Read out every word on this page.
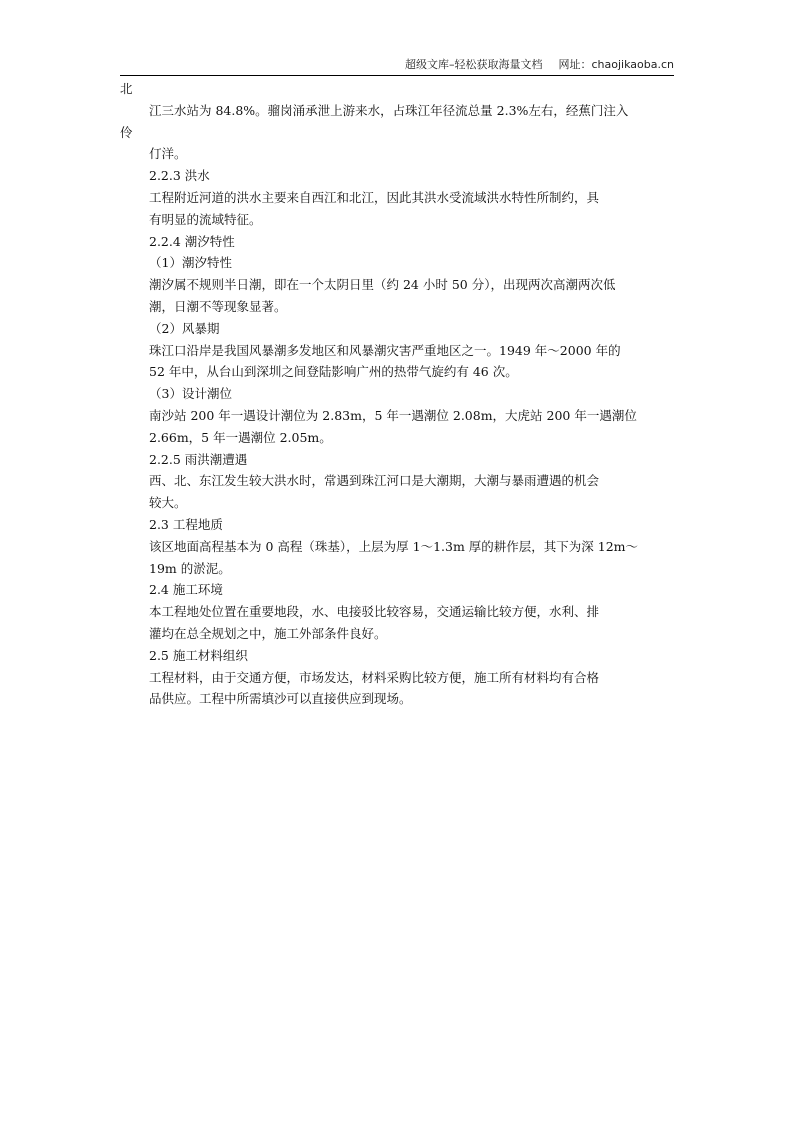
超级文库–轻松获取海量文档 网址：chaojikaoba.cn
北
江三水站为 84.8%。骝岗涌承泄上游来水，占珠江年径流总量 2.3%左右，经蕉门注入
伶
仃洋。
2.2.3 洪水
工程附近河道的洪水主要来自西江和北江，因此其洪水受流域洪水特性所制约，具
有明显的流域特征。
2.2.4 潮汐特性
（1）潮汐特性
潮汐属不规则半日潮，即在一个太阴日里（约 24 小时 50 分），出现两次高潮两次低
潮，日潮不等现象显著。
（2）风暴期
珠江口沿岸是我国风暴潮多发地区和风暴潮灾害严重地区之一。1949 年～2000 年的
52 年中，从台山到深圳之间登陆影响广州的热带气旋约有 46 次。
（3）设计潮位
南沙站 200 年一遇设计潮位为 2.83m，5 年一遇潮位 2.08m，大虎站 200 年一遇潮位
2.66m，5 年一遇潮位 2.05m。
2.2.5 雨洪潮遭遇
西、北、东江发生较大洪水时，常遇到珠江河口是大潮期，大潮与暴雨遭遇的机会
较大。
2.3 工程地质
该区地面高程基本为 0 高程（珠基），上层为厚 1～1.3m 厚的耕作层，其下为深 12m～
19m 的淤泥。
2.4 施工环境
本工程地处位置在重要地段，水、电接驳比较容易，交通运输比较方便，水利、排
灌均在总全规划之中，施工外部条件良好。
2.5 施工材料组织
工程材料，由于交通方便，市场发达，材料采购比较方便，施工所有材料均有合格
品供应。工程中所需填沙可以直接供应到现场。
